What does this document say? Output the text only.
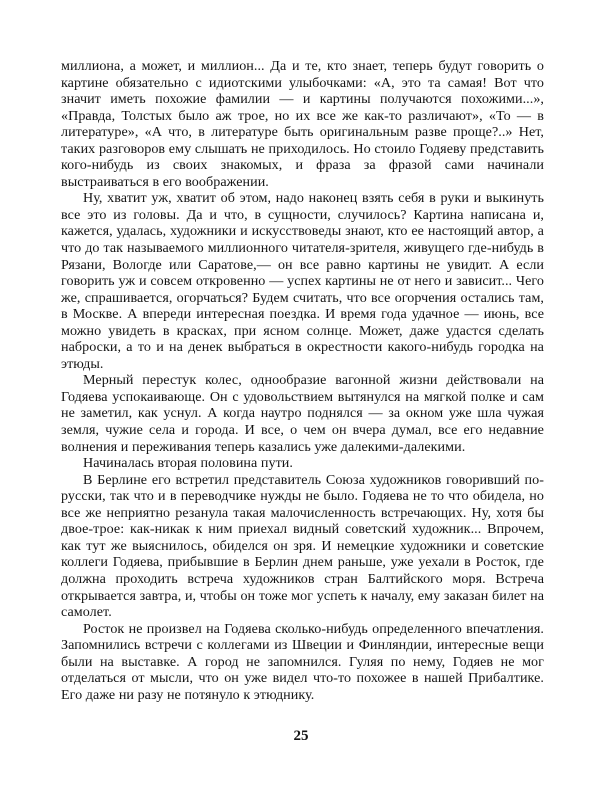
миллиона, а может, и миллион... Да и те, кто знает, теперь будут говорить о картине обязательно с идиотскими улыбочками: «А, это та самая! Вот что значит иметь похожие фамилии — и картины получаются похожими...», «Правда, Толстых было аж трое, но их все же как-то различают», «То — в литературе», «А что, в литературе быть оригинальным разве проще?..» Нет, таких разговоров ему слышать не приходилось. Но стоило Годяеву представить кого-нибудь из своих знакомых, и фраза за фразой сами начинали выстраиваться в его воображении.

Ну, хватит уж, хватит об этом, надо наконец взять себя в руки и выкинуть все это из головы. Да и что, в сущности, случилось? Картина написана и, кажется, удалась, художники и искусствоведы знают, кто ее настоящий автор, а что до так называемого миллионного читателя-зрителя, живущего где-нибудь в Рязани, Вологде или Саратове,— он все равно картины не увидит. А если говорить уж и совсем откровенно — успех картины не от него и зависит... Чего же, спрашивается, огорчаться? Будем считать, что все огорчения остались там, в Москве. А впереди интересная поездка. И время года удачное — июнь, все можно увидеть в красках, при ясном солнце. Может, даже удастся сделать наброски, а то и на денек выбраться в окрестности какого-нибудь городка на этюды.

Мерный перестук колес, однообразие вагонной жизни действовали на Годяева успокаивающе. Он с удовольствием вытянулся на мягкой полке и сам не заметил, как уснул. А когда наутро поднялся — за окном уже шла чужая земля, чужие села и города. И все, о чем он вчера думал, все его недавние волнения и переживания теперь казались уже далекими-далекими.

Начиналась вторая половина пути.

В Берлине его встретил представитель Союза художников говоривший по-русски, так что и в переводчике нужды не было. Годяева не то что обидела, но все же неприятно резанула такая малочисленность встречающих. Ну, хотя бы двое-трое: как-никак к ним приехал видный советский художник... Впрочем, как тут же выяснилось, обиделся он зря. И немецкие художники и советские коллеги Годяева, прибывшие в Берлин днем раньше, уже уехали в Росток, где должна проходить встреча художников стран Балтийского моря. Встреча открывается завтра, и, чтобы он тоже мог успеть к началу, ему заказан билет на самолет.

Росток не произвел на Годяева сколько-нибудь определенного впечатления. Запомнились встречи с коллегами из Швеции и Финляндии, интересные вещи были на выставке. А город не запомнился. Гуляя по нему, Годяев не мог отделаться от мысли, что он уже видел что-то похожее в нашей Прибалтике. Его даже ни разу не потянуло к этюднику.

25
